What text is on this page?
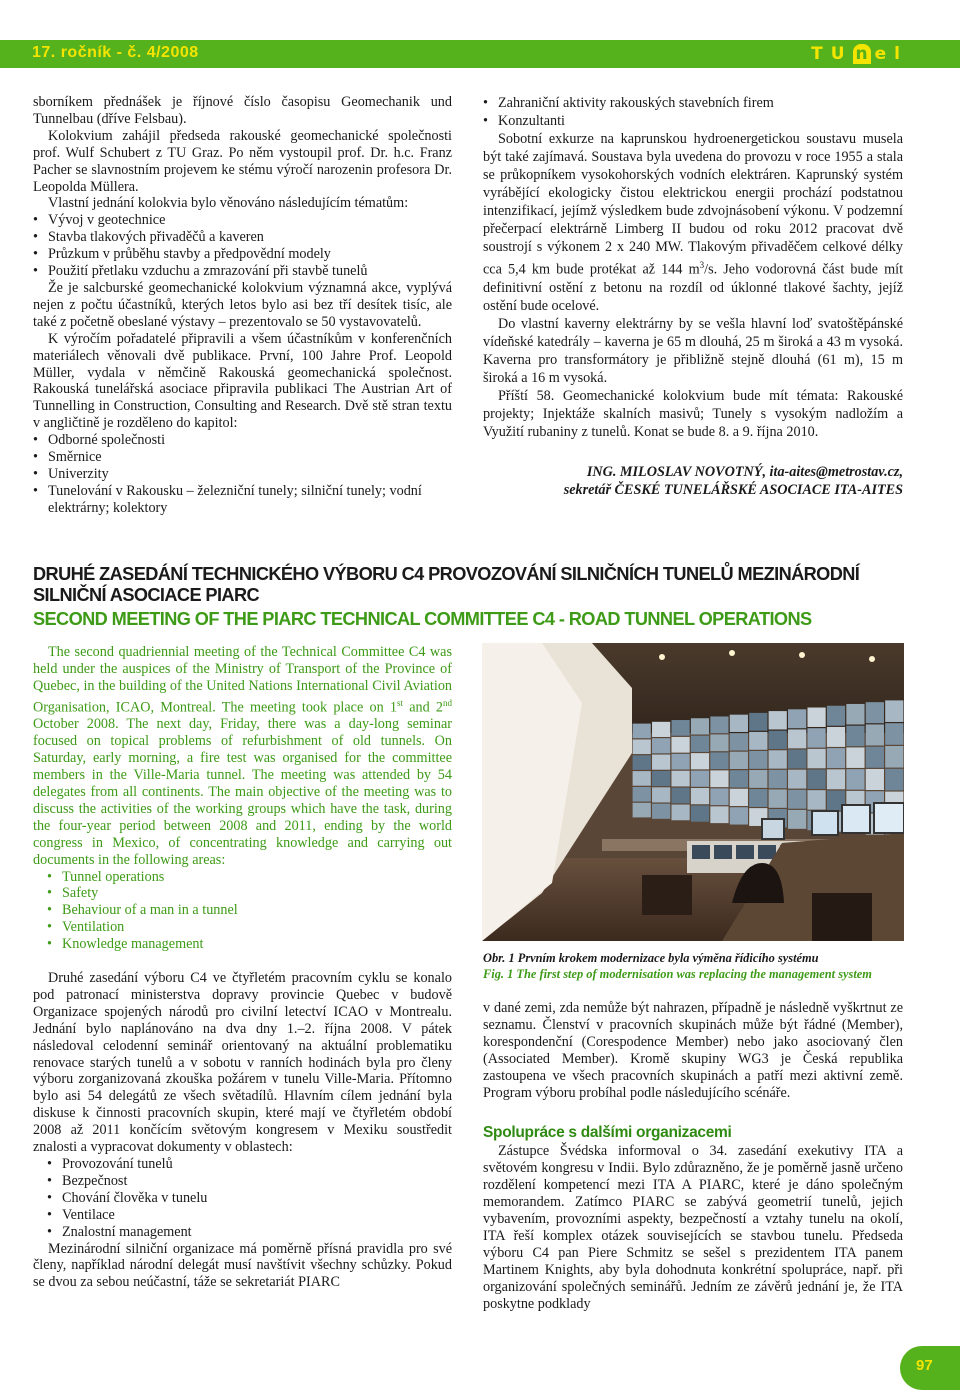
17. ročník - č. 4/2008	T U n e l

sborníkem přednášek je říjnové číslo časopisu Geomechanik und Tunnelbau (dříve Felsbau).

Kolokvium zahájil předseda rakouské geomechanické společnosti prof. Wulf Schubert z TU Graz. Po něm vystoupil prof. Dr. h.c. Franz Pacher se slavnostním projevem ke stému výročí narozenin profesora Dr. Leopolda Müllera.

Vlastní jednání kolokvia bylo věnováno následujícím tématům:

• Vývoj v geotechnice
• Stavba tlakových přivaděčů a kaveren
• Průzkum v průběhu stavby a předpovědní modely
• Použití přetlaku vzduchu a zmrazování při stavbě tunelů

Že je salcburské geomechanické kolokvium významná akce, vyplývá nejen z počtu účastníků, kterých letos bylo asi bez tří desítek tisíc, ale také z početně obeslané výstavy – prezentovalo se 50 vystavovatelů.

K výročím pořadatelé připravili a všem účastníkům v konferenčních materiálech věnovali dvě publikace. První, 100 Jahre Prof. Leopold Müller, vydala v němčině Rakouská geomechanická společnost. Rakouská tunelářská asociace připravila publikaci The Austrian Art of Tunnelling in Construction, Consulting and Research. Dvě stě stran textu v angličtině je rozděleno do kapitol:

• Odborné společnosti
• Směrnice
• Univerzity
• Tunelování v Rakousku – železniční tunely; silniční tunely; vodní elektrárny; kolektory
• Zahraniční aktivity rakouských stavebních firem
• Konzultanti

Sobotní exkurze na kaprunskou hydroenergetickou soustavu musela být také zajímavá. Soustava byla uvedena do provozu v roce 1955 a stala se průkopníkem vysokohorských vodních elektráren. Kaprunský systém vyrábějící ekologicky čistou elektrickou energii prochází podstatnou intenzifikací, jejímž výsledkem bude zdvojnásobení výkonu. V podzemní přečerpací elektrárně Limberg II budou od roku 2012 pracovat dvě soustrojí s výkonem 2 x 240 MW. Tlakovým přivaděčem celkové délky cca 5,4 km bude protékat až 144 $m^3/s$. Jeho vodorovná část bude mít definitivní ostění z betonu na rozdíl od úklonné tlakové šachty, jejíž ostění bude ocelové.

Do vlastní kaverny elektrárny by se vešla hlavní loď svatoštěpánské vídeňské katedrály – kaverna je 65 m dlouhá, 25 m široká a 43 m vysoká. Kaverna pro transformátory je přibližně stejně dlouhá (61 m), 15 m široká a 16 m vysoká.

Příští 58. Geomechanické kolokvium bude mít témata: Rakouské projekty; Injektáže skalních masivů; Tunely s vysokým nadložím a Využití rubaniny z tunelů. Konat se bude 8. a 9. října 2010.

ING. MILOSLAV NOVOTNÝ, ita-aites@metrostav.cz,

sekretář ČESKÉ TUNELÁŘSKÉ ASOCIACE ITA-AITES

DRUHÉ ZASEDÁNÍ TECHNICKÉHO VÝBORU C4 PROVOZOVÁNÍ SILNIČNÍCH TUNELŮ MEZINÁRODNÍ SILNIČNÍ ASOCIACE PIARC
SECOND MEETING OF THE PIARC TECHNICAL COMMITTEE C4 - ROAD TUNNEL OPERATIONS

The second quadriennial meeting of the Technical Committee C4 was held under the auspices of the Ministry of Transport of the Province of Quebec, in the building of the United Nations International Civil Aviation Organisation, ICAO, Montreal. The meeting took place on 1st and 2nd October 2008. The next day, Friday, there was a day-long seminar focused on topical problems of refurbishment of old tunnels. On Saturday, early morning, a fire test was organised for the committee members in the Ville-Maria tunnel. The meeting was attended by 54 delegates from all continents. The main objective of the meeting was to discuss the activities of the working groups which have the task, during the four-year period between 2008 and 2011, ending by the world congress in Mexico, of concentrating knowledge and carrying out documents in the following areas:

• Tunnel operations
• Safety
• Behaviour of a man in a tunnel
• Ventilation
• Knowledge management

Druhé zasedání výboru C4 ve čtyřletém pracovním cyklu se konalo pod patronací ministerstva dopravy provincie Quebec v budově Organizace spojených národů pro civilní letectví ICAO v Montrealu. Jednání bylo naplánováno na dva dny 1.–2. října 2008. V pátek následoval celodenní seminář orientovaný na aktuální problematiku renovace starých tunelů a v sobotu v ranních hodinách byla pro členy výboru zorganizovaná zkouška požárem v tunelu Ville-Maria. Přítomno bylo asi 54 delegátů ze všech světadílů. Hlavním cílem jednání byla diskuse k činnosti pracovních skupin, které mají ve čtyřletém období 2008 až 2011 končícím světovým kongresem v Mexiku soustředit znalosti a vypracovat dokumenty v oblastech:

• Provozování tunelů
• Bezpečnost
• Chování člověka v tunelu
• Ventilace
• Znalostní management

Mezinárodní silniční organizace má poměrně přísná pravidla pro své členy, například národní delegát musí navštívit všechny schůzky. Pokud se dvou za sebou neúčastní, táže se sekretariát PIARC

Obr. 1 Prvním krokem modernizace byla výměna řídicího systému
Fig. 1 The first step of modernisation was replacing the management system

v dané zemi, zda nemůže být nahrazen, případně je následně vyškrtnut ze seznamu. Členství v pracovních skupinách může být řádné (Member), korespondenční (Corespodence Member) nebo jako asociovaný člen (Associated Member). Kromě skupiny WG3 je Česká republika zastoupena ve všech pracovních skupinách a patří mezi aktivní země. Program výboru probíhal podle následujícího scénáře.

Spolupráce s dalšími organizacemi

Zástupce Švédska informoval o 34. zasedání exekutivy ITA a světovém kongresu v Indii. Bylo zdůrazněno, že je poměrně jasně určeno rozdělení kompetencí mezi ITA A PIARC, které je dáno společným memorandem. Zatímco PIARC se zabývá geometrií tunelů, jejich vybavením, provozními aspekty, bezpečností a vztahy tunelu na okolí, ITA řeší komplex otázek souvisejících se stavbou tunelu. Předseda výboru C4 pan Piere Schmitz se sešel s prezidentem ITA panem Martinem Knights, aby byla dohodnuta konkrétní spolupráce, např. při organizování společných seminářů. Jedním ze závěrů jednání je, že ITA poskytne podklady

97
